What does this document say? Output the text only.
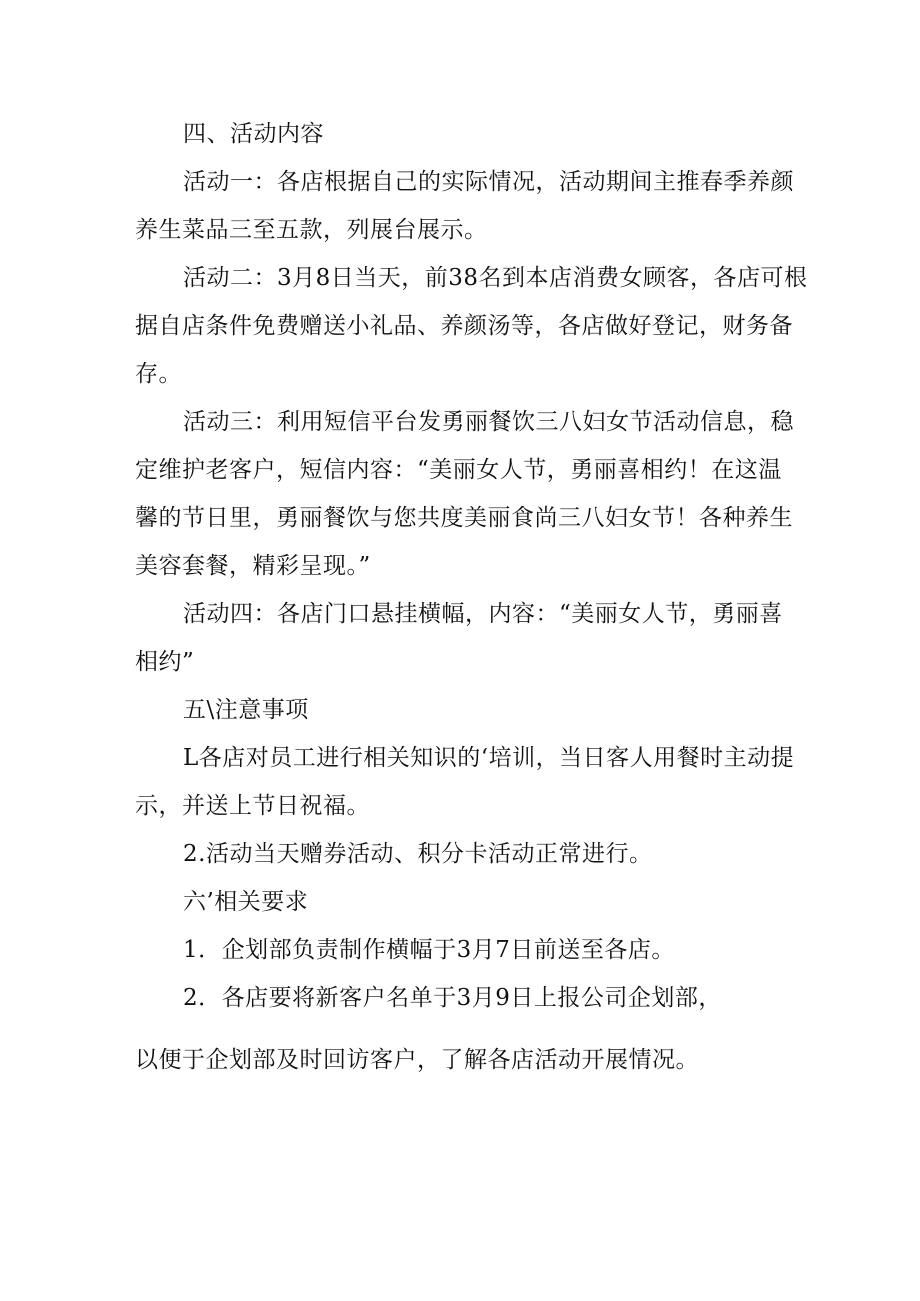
四、活动内容
活动一：各店根据自己的实际情况，活动期间主推春季养颜
养生菜品三至五款，列展台展示。
活动二：3月8日当天，前38名到本店消费女顾客，各店可根
据自店条件免费赠送小礼品、养颜汤等，各店做好登记，财务备
存。
活动三：利用短信平台发勇丽餐饮三八妇女节活动信息，稳
定维护老客户，短信内容：“美丽女人节，勇丽喜相约！在这温
馨的节日里，勇丽餐饮与您共度美丽食尚三八妇女节！各种养生
美容套餐，精彩呈现。”
活动四：各店门口悬挂横幅，内容：“美丽女人节，勇丽喜
相约”
五\注意事项
L各店对员工进行相关知识的‘培训，当日客人用餐时主动提
示，并送上节日祝福。
2.活动当天赠券活动、积分卡活动正常进行。
六’相关要求
1．企划部负责制作横幅于3月7日前送至各店。
2．各店要将新客户名单于3月9日上报公司企划部，
以便于企划部及时回访客户，了解各店活动开展情况。
